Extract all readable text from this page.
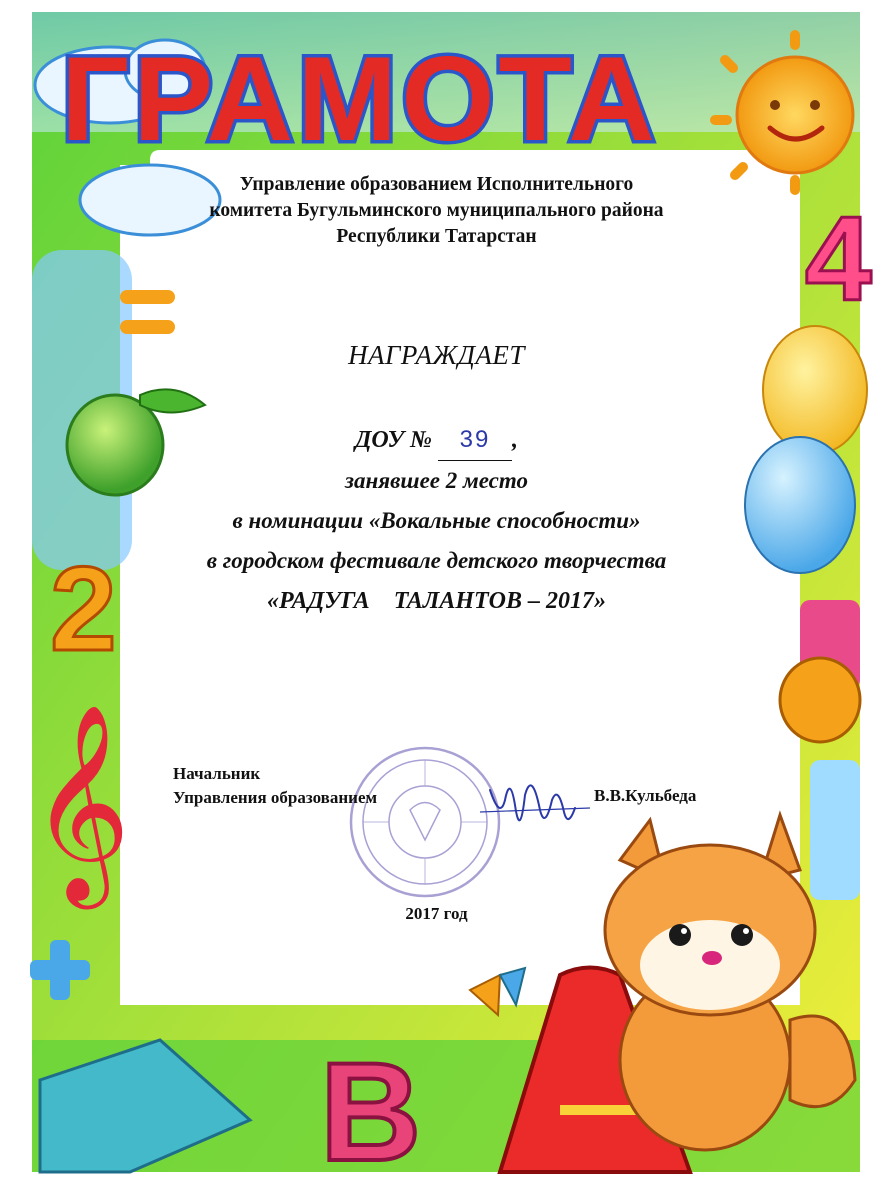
4
2
𝄞
В
ГРАМОТА
Управление образованием Исполнительного
комитета Бугульминского муниципального района
Республики Татарстан
НАГРАЖДАЕТ
ДОУ № 39 ,
занявшее 2 место
в номинации «Вокальные способности»
в городском фестивале детского творчества
«РАДУГА    ТАЛАНТОВ – 2017»
Начальник
Управления образованием	В.В.Кульбеда
2017 год
